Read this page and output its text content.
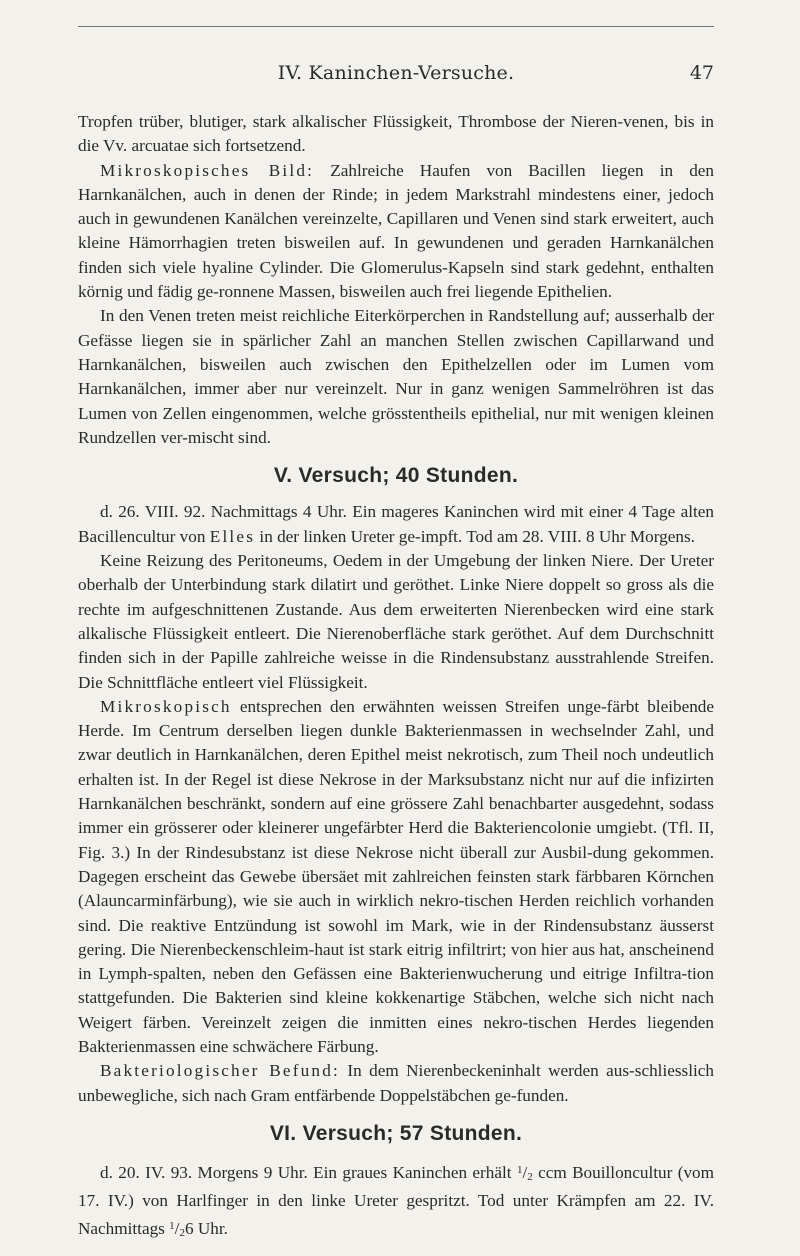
IV. Kaninchen-Versuche.	47

Tropfen trüber, blutiger, stark alkalischer Flüssigkeit, Thrombose der Nieren-venen, bis in die Vv. arcuatae sich fortsetzend.

Mikroskopisches Bild: Zahlreiche Haufen von Bacillen liegen in den Harnkanälchen, auch in denen der Rinde; in jedem Markstrahl mindestens einer, jedoch auch in gewundenen Kanälchen vereinzelte, Capillaren und Venen sind stark erweitert, auch kleine Hämorrhagien treten bisweilen auf. In gewundenen und geraden Harnkanälchen finden sich viele hyaline Cylinder. Die Glomerulus-Kapseln sind stark gedehnt, enthalten körnig und fädig ge-ronnene Massen, bisweilen auch frei liegende Epithelien.

In den Venen treten meist reichliche Eiterkörperchen in Randstellung auf; ausserhalb der Gefässe liegen sie in spärlicher Zahl an manchen Stellen zwischen Capillarwand und Harnkanälchen, bisweilen auch zwischen den Epithelzellen oder im Lumen vom Harnkanälchen, immer aber nur vereinzelt. Nur in ganz wenigen Sammelröhren ist das Lumen von Zellen eingenommen, welche grösstentheils epithelial, nur mit wenigen kleinen Rundzellen ver-mischt sind.

V. Versuch; 40 Stunden.

d. 26. VIII. 92. Nachmittags 4 Uhr. Ein mageres Kaninchen wird mit einer 4 Tage alten Bacillencultur von Elles in der linken Ureter ge-impft. Tod am 28. VIII. 8 Uhr Morgens.

Keine Reizung des Peritoneums, Oedem in der Umgebung der linken Niere. Der Ureter oberhalb der Unterbindung stark dilatirt und geröthet. Linke Niere doppelt so gross als die rechte im aufgeschnittenen Zustande. Aus dem erweiterten Nierenbecken wird eine stark alkalische Flüssigkeit entleert. Die Nierenoberfläche stark geröthet. Auf dem Durchschnitt finden sich in der Papille zahlreiche weisse in die Rindensubstanz ausstrahlende Streifen. Die Schnittfläche entleert viel Flüssigkeit.

Mikroskopisch entsprechen den erwähnten weissen Streifen unge-färbt bleibende Herde. Im Centrum derselben liegen dunkle Bakterienmassen in wechselnder Zahl, und zwar deutlich in Harnkanälchen, deren Epithel meist nekrotisch, zum Theil noch undeutlich erhalten ist. In der Regel ist diese Nekrose in der Marksubstanz nicht nur auf die infizirten Harnkanälchen beschränkt, sondern auf eine grössere Zahl benachbarter ausgedehnt, sodass immer ein grösserer oder kleinerer ungefärbter Herd die Bakteriencolonie umgiebt. (Tfl. II, Fig. 3.) In der Rindesubstanz ist diese Nekrose nicht überall zur Ausbil-dung gekommen. Dagegen erscheint das Gewebe übersäet mit zahlreichen feinsten stark färbbaren Körnchen (Alauncarminfärbung), wie sie auch in wirklich nekro-tischen Herden reichlich vorhanden sind. Die reaktive Entzündung ist sowohl im Mark, wie in der Rindensubstanz äusserst gering. Die Nierenbeckenschleim-haut ist stark eitrig infiltrirt; von hier aus hat, anscheinend in Lymph-spalten, neben den Gefässen eine Bakterienwucherung und eitrige Infiltra-tion stattgefunden. Die Bakterien sind kleine kokkenartige Stäbchen, welche sich nicht nach Weigert färben. Vereinzelt zeigen die inmitten eines nekro-tischen Herdes liegenden Bakterienmassen eine schwächere Färbung.

Bakteriologischer Befund: In dem Nierenbeckeninhalt werden aus-schliesslich unbewegliche, sich nach Gram entfärbende Doppelstäbchen ge-funden.

VI. Versuch; 57 Stunden.

d. 20. IV. 93. Morgens 9 Uhr. Ein graues Kaninchen erhält $^1$/2 ccm Bouilloncultur (vom 17. IV.) von Harlfinger in den linke Ureter gespritzt. Tod unter Krämpfen am 22. IV. Nachmittags $^1$/26 Uhr.
